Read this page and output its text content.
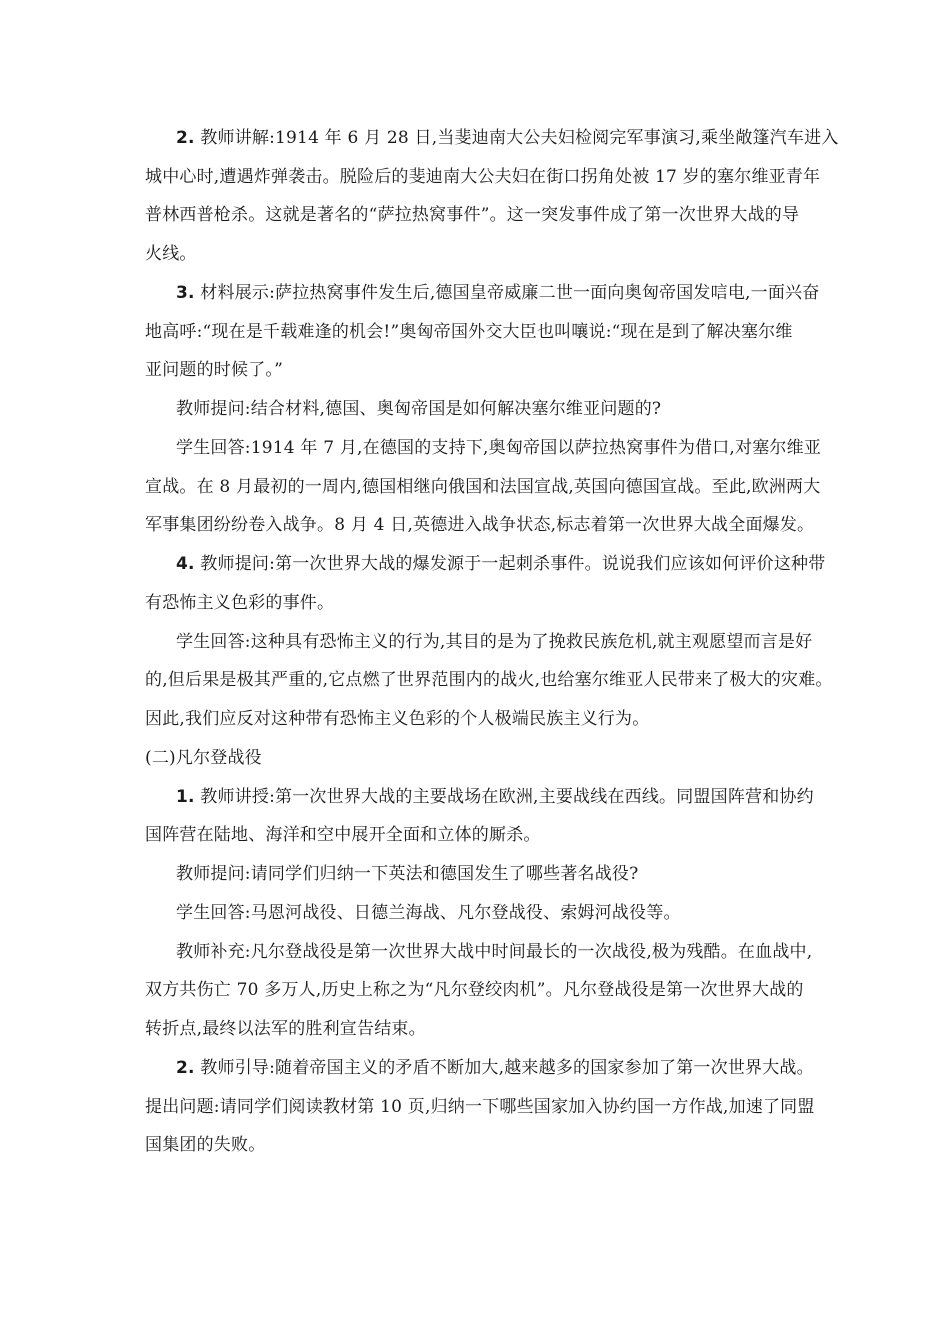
2. 教师讲解:1914 年 6 月 28 日,当斐迪南大公夫妇检阅完军事演习,乘坐敞篷汽车进入
城中心时,遭遇炸弹袭击。脱险后的斐迪南大公夫妇在街口拐角处被 17 岁的塞尔维亚青年
普林西普枪杀。这就是著名的“萨拉热窝事件”。这一突发事件成了第一次世界大战的导
火线。
3. 材料展示:萨拉热窝事件发生后,德国皇帝威廉二世一面向奥匈帝国发唁电,一面兴奋
地高呼:“现在是千载难逢的机会!”奥匈帝国外交大臣也叫嚷说:“现在是到了解决塞尔维
亚问题的时候了。”
教师提问:结合材料,德国、奥匈帝国是如何解决塞尔维亚问题的?
学生回答:1914 年 7 月,在德国的支持下,奥匈帝国以萨拉热窝事件为借口,对塞尔维亚
宣战。在 8 月最初的一周内,德国相继向俄国和法国宣战,英国向德国宣战。至此,欧洲两大
军事集团纷纷卷入战争。8 月 4 日,英德进入战争状态,标志着第一次世界大战全面爆发。
4. 教师提问:第一次世界大战的爆发源于一起刺杀事件。说说我们应该如何评价这种带
有恐怖主义色彩的事件。
学生回答:这种具有恐怖主义的行为,其目的是为了挽救民族危机,就主观愿望而言是好
的,但后果是极其严重的,它点燃了世界范围内的战火,也给塞尔维亚人民带来了极大的灾难。
因此,我们应反对这种带有恐怖主义色彩的个人极端民族主义行为。
(二)凡尔登战役
1. 教师讲授:第一次世界大战的主要战场在欧洲,主要战线在西线。同盟国阵营和协约
国阵营在陆地、海洋和空中展开全面和立体的厮杀。
教师提问:请同学们归纳一下英法和德国发生了哪些著名战役?
学生回答:马恩河战役、日德兰海战、凡尔登战役、索姆河战役等。
教师补充:凡尔登战役是第一次世界大战中时间最长的一次战役,极为残酷。在血战中,
双方共伤亡 70 多万人,历史上称之为“凡尔登绞肉机”。凡尔登战役是第一次世界大战的
转折点,最终以法军的胜利宣告结束。
2. 教师引导:随着帝国主义的矛盾不断加大,越来越多的国家参加了第一次世界大战。
提出问题:请同学们阅读教材第 10 页,归纳一下哪些国家加入协约国一方作战,加速了同盟
国集团的失败。
